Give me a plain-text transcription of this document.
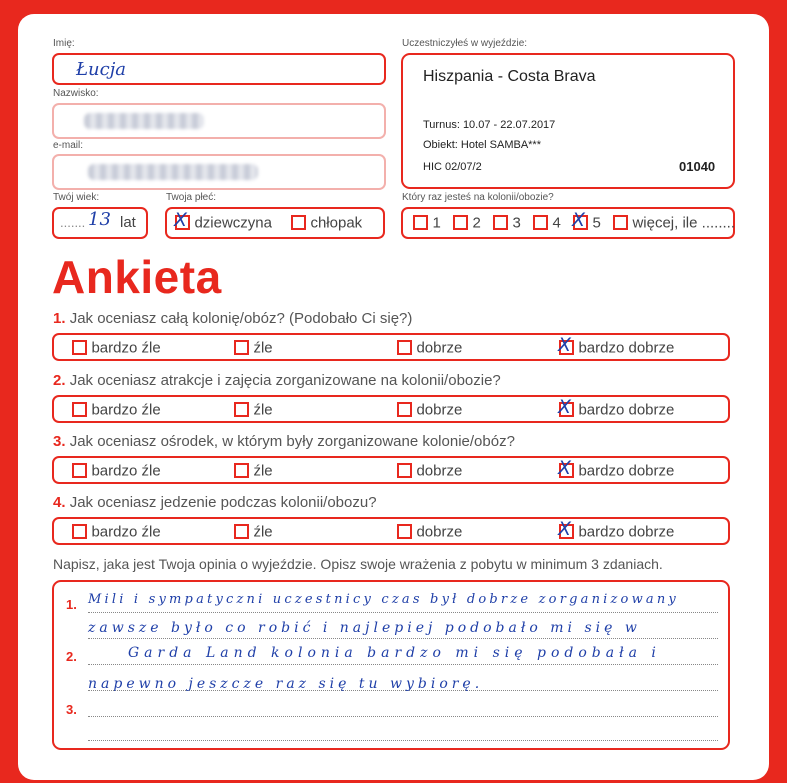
Imię:
Łucja
Nazwisko:
e-mail:
Twój wiek:
....... 13 lat
Twoja płeć:
X dziewczyna	chłopak
Uczestniczyłeś w wyjeździe:
Hiszpania - Costa Brava
Turnus: 10.07 - 22.07.2017
Obiekt: Hotel SAMBA***
HIC 02/07/2	01040
Który raz jesteś na kolonii/obozie?
1	2	3	4 X 5	więcej, ile ........
Ankieta
1. Jak oceniasz całą kolonię/obóz? (Podobało Ci się?)
bardzo źle	źle	dobrze	X bardzo dobrze
2. Jak oceniasz atrakcje i zajęcia zorganizowane na kolonii/obozie?
bardzo źle	źle	dobrze	X bardzo dobrze
3. Jak oceniasz ośrodek, w którym były zorganizowane kolonie/obóz?
bardzo źle	źle	dobrze	X bardzo dobrze
4. Jak oceniasz jedzenie podczas kolonii/obozu?
bardzo źle	źle	dobrze	X bardzo dobrze
Napisz, jaka jest Twoja opinia o wyjeździe. Opisz swoje wrażenia z pobytu w minimum 3 zdaniach.
1.
2.
3.
Mili i sympatyczni uczestnicy czas był dobrze zorganizowany
zawsze było co robić i najlepiej podobało mi się w
Garda Land kolonia bardzo mi się podobała i
napewno jeszcze raz się tu wybiorę.
